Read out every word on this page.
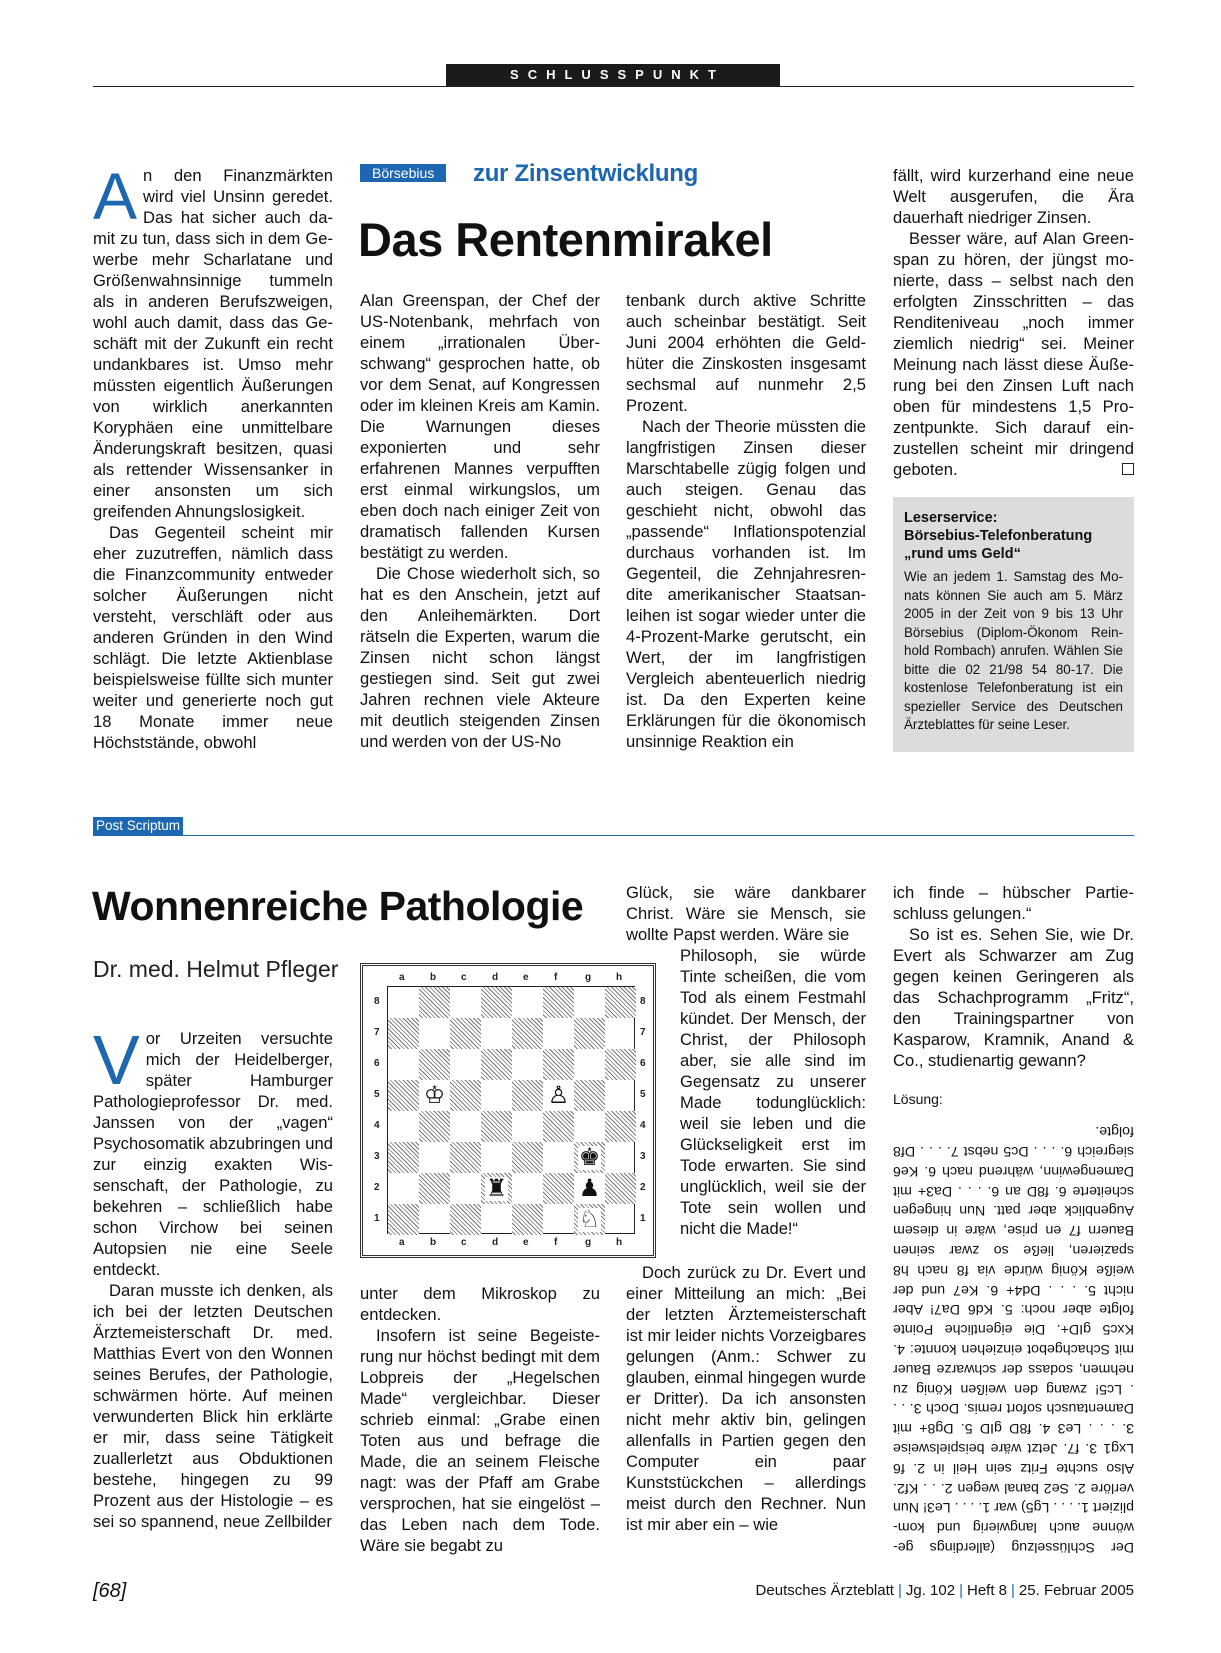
SCHLUSSPUNKT

An den Finanzmärkten wird viel Unsinn geredet. Das hat sicher auch damit zu tun, dass sich in dem Gewerbe mehr Scharlatane und Größenwahnsinnige tummeln als in anderen Berufszweigen, wohl auch damit, dass das Geschäft mit der Zukunft ein recht undankbares ist. Umso mehr müssten eigentlich Äußerungen von wirklich anerkannten Koryphäen eine unmittelbare Änderungskraft besitzen, quasi als rettender Wissensanker in einer ansonsten um sich greifenden Ahnungslosigkeit.

Das Gegenteil scheint mir eher zuzutreffen, nämlich dass die Finanzcommunity entweder solcher Äußerungen nicht versteht, verschläft oder aus anderen Gründen in den Wind schlägt. Die letzte Aktienblase beispielsweise füllte sich munter weiter und generierte noch gut 18 Monate immer neue Höchststände, obwohl

Börsebius	zur Zinsentwicklung
Das Rentenmirakel

Alan Greenspan, der Chef der US-Notenbank, mehrfach von einem „irrationalen Überschwang“ gesprochen hatte, ob vor dem Senat, auf Kongressen oder im kleinen Kreis am Kamin. Die Warnungen dieses exponierten und sehr erfahrenen Mannes verpufften erst einmal wirkungslos, um eben doch nach einiger Zeit von dramatisch fallenden Kursen bestätigt zu werden.

Die Chose wiederholt sich, so hat es den Anschein, jetzt auf den Anleihemärkten. Dort rätseln die Experten, warum die Zinsen nicht schon längst gestiegen sind. Seit gut zwei Jahren rechnen viele Akteure mit deutlich steigenden Zinsen und werden von der US-No

tenbank durch aktive Schritte auch scheinbar bestätigt. Seit Juni 2004 erhöhten die Geldhüter die Zinskosten insgesamt sechsmal auf nunmehr 2,5 Prozent.

Nach der Theorie müssten die langfristigen Zinsen dieser Marschtabelle zügig folgen und auch steigen. Genau das geschieht nicht, obwohl das „passende“ Inflationspotenzial durchaus vorhanden ist. Im Gegenteil, die Zehnjahresrendite amerikanischer Staatsanleihen ist sogar wieder unter die 4-Prozent-Marke gerutscht, ein Wert, der im langfristigen Vergleich abenteuerlich niedrig ist. Da den Experten keine Erklärungen für die ökonomisch unsinnige Reaktion ein

fällt, wird kurzerhand eine neue Welt ausgerufen, die Ära dauerhaft niedriger Zinsen.

Besser wäre, auf Alan Greenspan zu hören, der jüngst monierte, dass – selbst nach den erfolgten Zinsschritten – das Renditeniveau „noch immer ziemlich niedrig“ sei. Meiner Meinung nach lässt diese Äußerung bei den Zinsen Luft nach oben für mindestens 1,5 Prozentpunkte. Sich darauf einzustellen scheint mir dringend geboten.

Leserservice:
Börsebius-Telefonberatung
„rund ums Geld“
Wie an jedem 1. Samstag des Monats können Sie auch am 5. März 2005 in der Zeit von 9 bis 13 Uhr Börsebius (Diplom-Ökonom Reinhold Rombach) anrufen. Wählen Sie bitte die 02 21/98 54 80-17. Die kostenlose Telefonberatung ist ein spezieller Service des Deutschen Ärzteblattes für seine Leser.
Post Scriptum
Wonnenreiche Pathologie
Dr. med. Helmut Pfleger

Vor Urzeiten versuchte mich der Heidelberger, später Hamburger Pathologieprofessor Dr. med. Janssen von der „vagen“ Psychosomatik abzubringen und zur einzig exakten Wissenschaft, der Pathologie, zu bekehren – schließlich habe schon Virchow bei seinen Autopsien nie eine Seele entdeckt.

Daran musste ich denken, als ich bei der letzten Deutschen Ärztemeisterschaft Dr. med. Matthias Evert von den Wonnen seines Berufes, der Pathologie, schwärmen hörte. Auf meinen verwunderten Blick hin erklärte er mir, dass seine Tätigkeit zuallerletzt aus Obduktionen bestehe, hingegen zu 99 Prozent aus der Histologie – es sei so spannend, neue Zellbilder

♔	♙
♚
♜	♟
♘
a
a
b
b
c
c
d
d
e
e
f
f
g
g
h
h
8	8
7	7
6	6
5	5
4	4
3	3
2	2
1	1

unter dem Mikroskop zu entdecken.

Insofern ist seine Begeisterung nur höchst bedingt mit dem Lobpreis der „Hegelschen Made“ vergleichbar. Dieser schrieb einmal: „Grabe einen Toten aus und befrage die Made, die an seinem Fleische nagt: was der Pfaff am Grabe versprochen, hat sie eingelöst – das Leben nach dem Tode. Wäre sie begabt zu

Glück, sie wäre dankbarer Christ. Wäre sie Mensch, sie wollte Papst werden. Wäre sie

Philosoph, sie würde Tinte scheißen, die vom Tod als einem Festmahl kündet. Der Mensch, der Christ, der Philosoph aber, sie alle sind im Gegensatz zu unserer Made todunglücklich: weil sie leben und die Glückseligkeit erst im Tode erwarten. Sie sind unglücklich, weil sie der Tote sein wollen und nicht die Made!“

Doch zurück zu Dr. Evert und einer Mitteilung an mich: „Bei der letzten Ärztemeisterschaft ist mir leider nichts Vorzeigbares gelungen (Anm.: Schwer zu glauben, einmal hingegen wurde er Dritter). Da ich ansonsten nicht mehr aktiv bin, gelingen allenfalls in Partien gegen den Computer ein paar Kunststückchen – allerdings meist durch den Rechner. Nun ist mir aber ein – wie

ich finde – hübscher Partieschluss gelungen.“

So ist es. Sehen Sie, wie Dr. Evert als Schwarzer am Zug gegen keinen Geringeren als das Schachprogramm „Fritz“, den Trainingspartner von Kasparow, Kramnik, Anand & Co., studienartig gewann?

Lösung:
Der Schlüsselzug (allerdings gewönne auch langwierig und kompliziert 1. . . . Lg5) war 1. . . . Le3! Nun verlöre 2. Se2 banal wegen 2. . . Kf2. Also suchte Fritz sein Heil in 2. f6 Lxg1 3. f7. Jetzt wäre beispielsweise 3. . . . Le3 4. f8D gID 5. Dg8+ mit Damentausch sofort remis. Doch 3. . . . Lc5! zwang den weißen König zu nehmen, sodass der schwarze Bauer mit Schachgebot einziehen konnte: 4. Kxc5 gID+. Die eigentliche Pointe folgte aber noch: 5. Kd6 Da7! Aber nicht 5. . . . Dd4+ 6. Ke7 und der weiße König würde via f8 nach h8 spazieren, ließe so zwar seinen Bauern f7 en prise, wäre in diesem Augenblick aber patt. Nun hingegen scheiterte 6. f8D an 6. . . . Da3+ mit Damengewinn, während nach 6. Ke6 siegreich 6. . . . Dc5 nebst 7. . . . Df8 folgte.
[68]	Deutsches Ärzteblatt | Jg. 102 | Heft 8 | 25. Februar 2005
